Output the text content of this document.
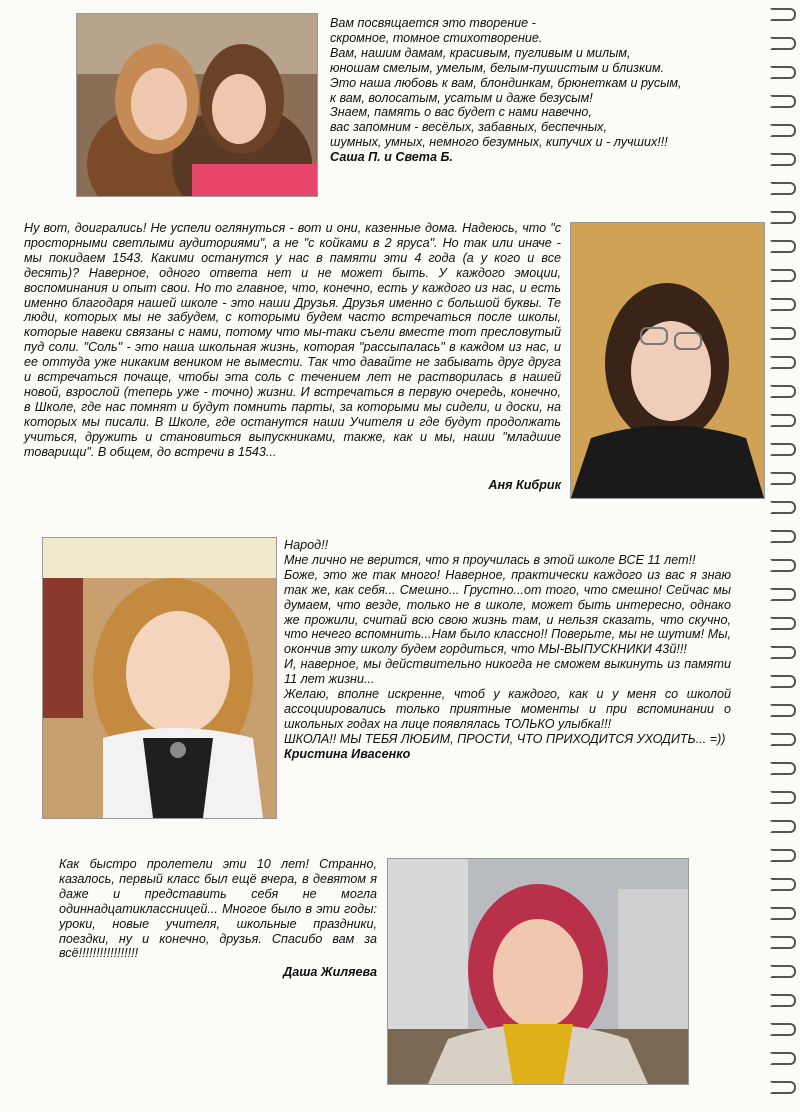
Вам посвящается это творение -

скромное, томное стихотворение.

Вам, нашим дамам, красивым, пугливым и милым,

юношам смелым, умелым, белым-пушистым и близким.

Это наша любовь к вам, блондинкам, брюнеткам и русым,

к вам, волосатым, усатым и даже безусым!

Знаем, память о вас будет с нами навечно,

вас запомним - весёлых, забавных, беспечных,

шумных, умных, немного безумных, кипучих и - лучших!!!

Саша П. и Света Б.

Ну вот, доигрались! Не успели оглянуться - вот и они, казенные дома. Надеюсь, что "с просторными светлыми аудиториями", а не "с койками в 2 яруса". Но так или иначе - мы покидаем 1543. Какими останутся у нас в памяти эти 4 года (а у кого и все десять)? Наверное, одного ответа нет и не может быть. У каждого эмоции, воспоминания и опыт свои. Но то главное, что, конечно, есть у каждого из нас, и есть именно благодаря нашей школе - это наши Друзья. Друзья именно с большой буквы. Те люди, которых мы не забудем, с которыми будем часто встречаться после школы, которые навеки связаны с нами, потому что мы-таки съели вместе тот пресловутый пуд соли. "Соль" - это наша школьная жизнь, которая "рассыпалась" в каждом из нас, и ее оттуда уже никаким веником не вымести. Так что давайте не забывать друг друга и встречаться почаще, чтобы эта соль с течением лет не растворилась в нашей новой, взрослой (теперь уже - точно) жизни. И встречаться в первую очередь, конечно, в Школе, где нас помнят и будут помнить парты, за которыми мы сидели, и доски, на которых мы писали. В Школе, где останутся наши Учителя и где будут продолжать учиться, дружить и становиться выпускниками, также, как и мы, наши "младшие товарищи". В общем, до встречи в 1543...

Аня Кибрик

Народ!!

Мне лично не верится, что я проучилась в этой школе ВСЕ 11 лет!!

Боже, это же так много! Наверное, практически каждого из вас я знаю так же, как себя... Смешно... Грустно...от того, что смешно! Сейчас мы думаем, что везде, только не в школе, может быть интересно, однако же прожили, считай всю свою жизнь там, и нельзя сказать, что скучно, что нечего вспомнить...Нам было классно!! Поверьте, мы не шутим! Мы, окончив эту школу будем гордиться, что МЫ-ВЫПУСКНИКИ 43й!!!

И, наверное, мы действительно никогда не сможем выкинуть из памяти 11 лет жизни...

Желаю, вполне искренне, чтоб у каждого, как и у меня со школой ассоциировались только приятные моменты и при вспоминании о школьных годах на лице появлялась ТОЛЬКО улыбка!!!

ШКОЛА!! МЫ ТЕБЯ ЛЮБИМ, ПРОСТИ, ЧТО ПРИХОДИТСЯ УХОДИТЬ... =))

Кристина Ивасенко

Как быстро пролетели эти 10 лет! Странно, казалось, первый класс был ещё вчера, в девятом я даже и представить себя не могла одиннадцатиклассницей... Многое было в эти годы: уроки, новые учителя, школьные праздники, поездки, ну и конечно, друзья. Спасибо вам за всё!!!!!!!!!!!!!!!!!

Даша Жиляева
